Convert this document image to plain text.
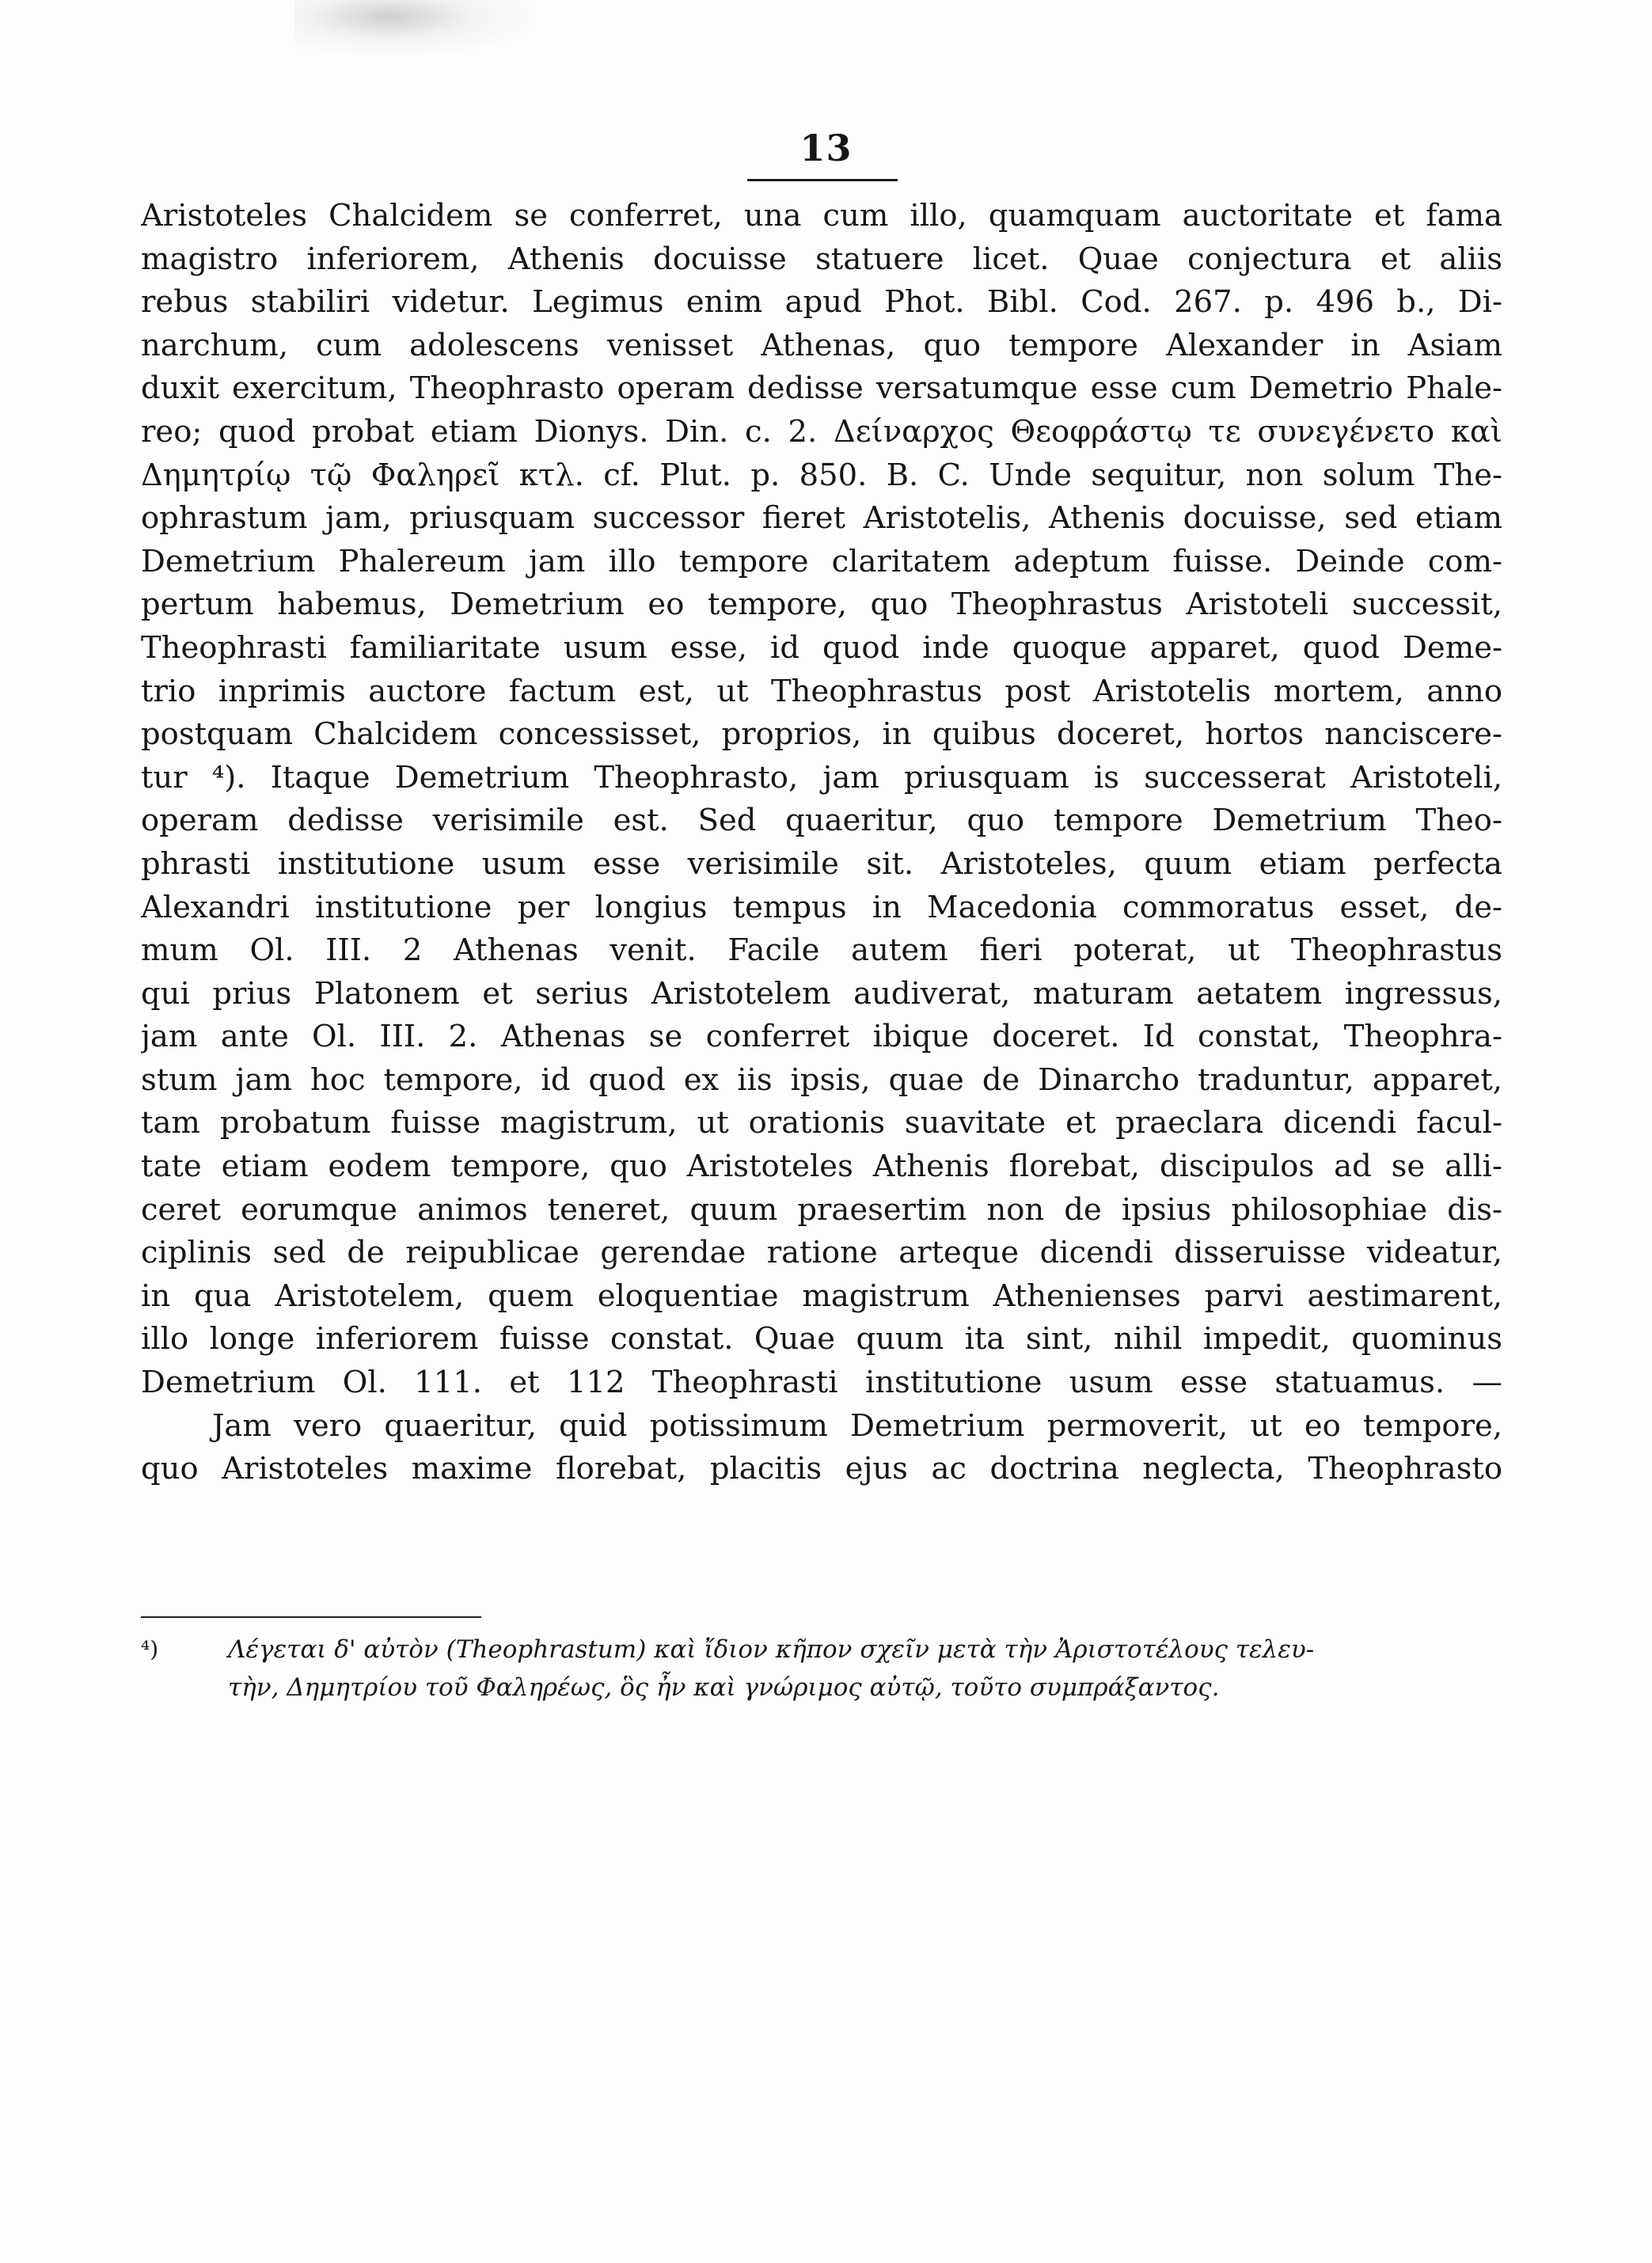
13
Aristoteles Chalcidem se conferret, una cum illo, quamquam auctoritate et fama
magistro inferiorem, Athenis docuisse statuere licet. Quae conjectura et aliis
rebus stabiliri videtur. Legimus enim apud Phot. Bibl. Cod. 267. p. 496 b., Di-
narchum, cum adolescens venisset Athenas, quo tempore Alexander in Asiam
duxit exercitum, Theophrasto operam dedisse versatumque esse cum Demetrio Phale-
reo; quod probat etiam Dionys. Din. c. 2. Δείναρχος Θεοφράστῳ τε συνεγένετο καὶ
Δημητρίῳ τῷ Φαληρεῖ κτλ. cf. Plut. p. 850. B. C. Unde sequitur, non solum The-
ophrastum jam, priusquam successor fieret Aristotelis, Athenis docuisse, sed etiam
Demetrium Phalereum jam illo tempore claritatem adeptum fuisse. Deinde com-
pertum habemus, Demetrium eo tempore, quo Theophrastus Aristoteli successit,
Theophrasti familiaritate usum esse, id quod inde quoque apparet, quod Deme-
trio inprimis auctore factum est, ut Theophrastus post Aristotelis mortem, anno
postquam Chalcidem concessisset, proprios, in quibus doceret, hortos nanciscere-
tur ⁴). Itaque Demetrium Theophrasto, jam priusquam is successerat Aristoteli,
operam dedisse verisimile est. Sed quaeritur, quo tempore Demetrium Theo-
phrasti institutione usum esse verisimile sit. Aristoteles, quum etiam perfecta
Alexandri institutione per longius tempus in Macedonia commoratus esset, de-
mum Ol. III. 2 Athenas venit. Facile autem fieri poterat, ut Theophrastus
qui prius Platonem et serius Aristotelem audiverat, maturam aetatem ingressus,
jam ante Ol. III. 2. Athenas se conferret ibique doceret. Id constat, Theophra-
stum jam hoc tempore, id quod ex iis ipsis, quae de Dinarcho traduntur, apparet,
tam probatum fuisse magistrum, ut orationis suavitate et praeclara dicendi facul-
tate etiam eodem tempore, quo Aristoteles Athenis florebat, discipulos ad se alli-
ceret eorumque animos teneret, quum praesertim non de ipsius philosophiae dis-
ciplinis sed de reipublicae gerendae ratione arteque dicendi disseruisse videatur,
in qua Aristotelem, quem eloquentiae magistrum Athenienses parvi aestimarent,
illo longe inferiorem fuisse constat. Quae quum ita sint, nihil impedit, quominus
Demetrium Ol. 111. et 112 Theophrasti institutione usum esse statuamus. —
Jam vero quaeritur, quid potissimum Demetrium permoverit, ut eo tempore,
quo Aristoteles maxime florebat, placitis ejus ac doctrina neglecta, Theophrasto
⁴)	Λέγεται δ' αὐτὸν (Theophrastum) καὶ ἴδιον κῆπον σχεῖν μετὰ τὴν Ἀριστοτέλους τελευ-
τὴν, Δημητρίου τοῦ Φαληρέως, ὃς ἦν καὶ γνώριμος αὐτῷ, τοῦτο συμπράξαντος.
